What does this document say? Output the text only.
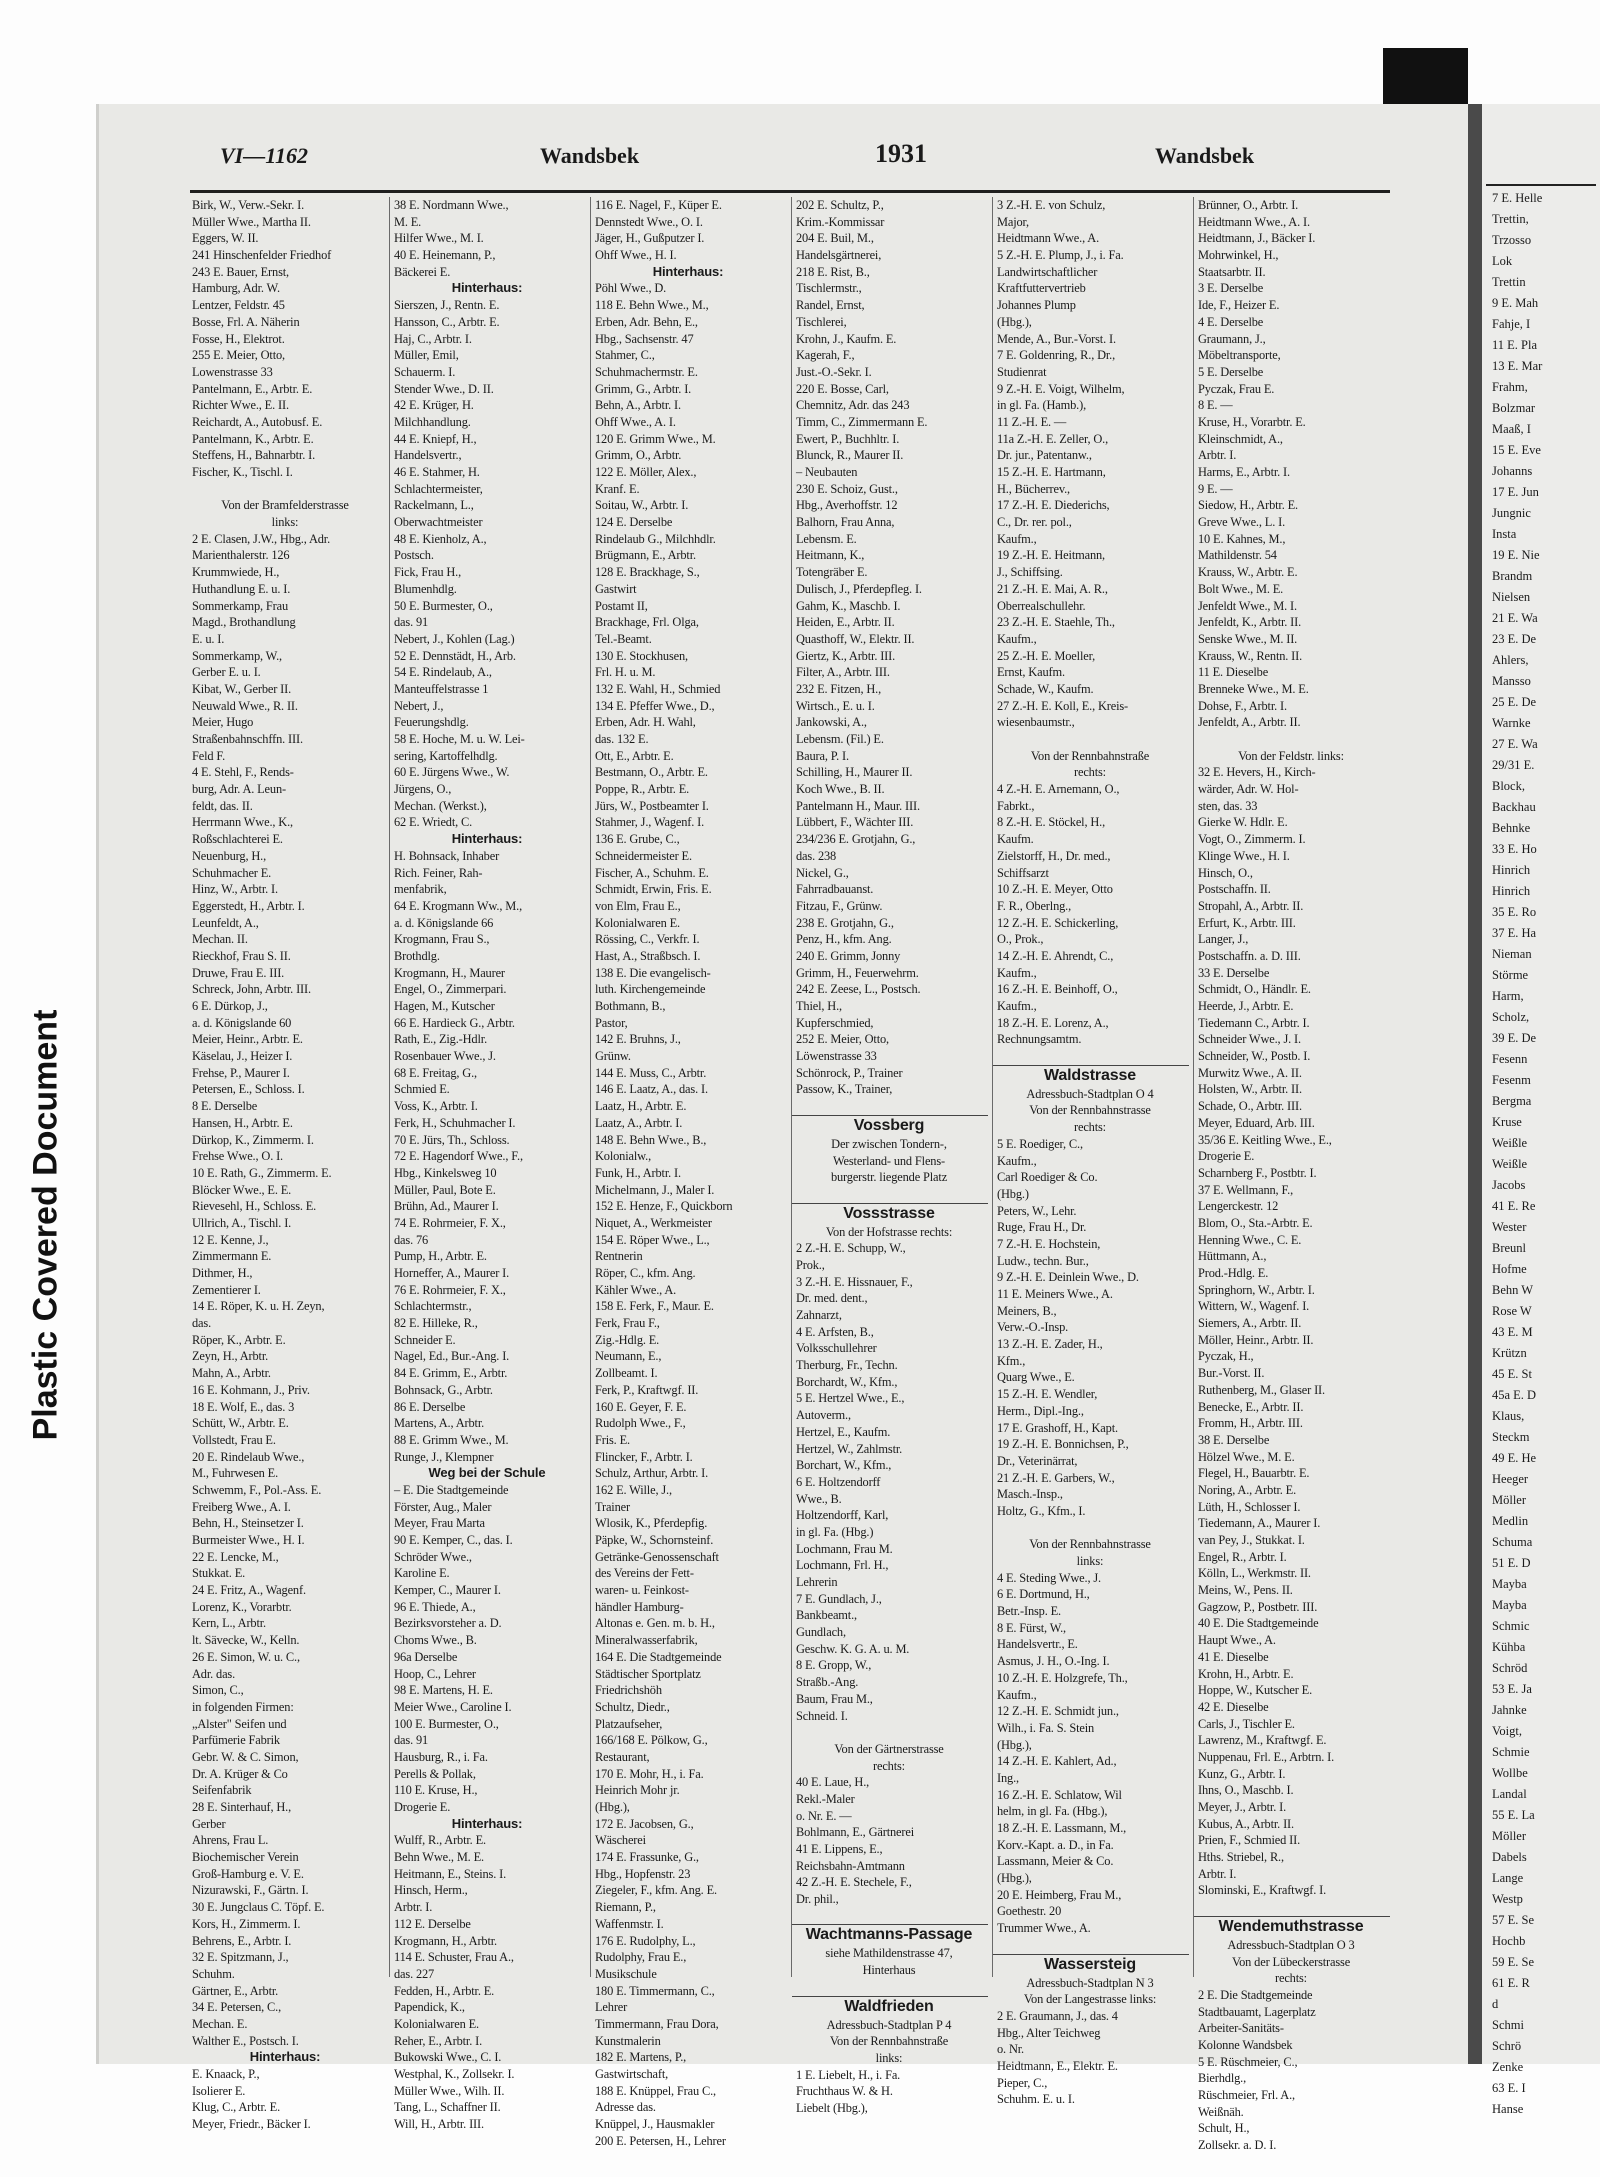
Plastic Covered Document
7 E. Helle
Trettin,
Trzosso
Lok
Trettin
9 E. Mah
Fahje, I
11 E. Pla
13 E. Mar
Frahm,
Bolzmar
Maaß, I
15 E. Eve
Johanns
17 E. Jun
Jungnic
Insta
19 E. Nie
Brandm
Nielsen
21 E. Wa
23 E. De
Ahlers,
Mansso
25 E. De
Warnke
27 E. Wa
29/31 E.
Block,
Backhau
Behnke
33 E. Ho
Hinrich
Hinrich
35 E. Ro
37 E. Ha
Nieman
Störme
Harm,
Scholz,
39 E. De
Fesenn
Fesenm
Bergma
Kruse
Weißle
Weißle
Jacobs
41 E. Re
Wester
Breunl
Hofme
Behn W
Rose W
43 E. M
Krützn
45 E. St
45a E. D
Klaus,
Steckm
49 E. He
Heeger
Möller
Medlin
Schuma
51 E. D
Mayba
Mayba
Schmic
Kühba
Schröd
53 E. Ja
Jahnke
Voigt,
Schmie
Wollbe
Landal
55 E. La
Möller
Dabels
Lange
Westp
57 E. Se
Hochb
59 E. Se
61 E. R
d
Schmi
Schrö
Zenke
63 E. I
Hanse
VI—1162	Wandsbek	1931	Wandsbek
Birk, W., Verw.-Sekr. I.
Müller Wwe., Martha II.
Eggers, W. II.
241 Hinschenfelder Friedhof
243 E. Bauer, Ernst,
Hamburg, Adr. W.
Lentzer, Feldstr. 45
Bosse, Frl. A. Näherin
Fosse, H., Elektrot.
255 E. Meier, Otto,
Lowenstrasse 33
Pantelmann, E., Arbtr. E.
Richter Wwe., E. II.
Reichardt, A., Autobusf. E.
Pantelmann, K., Arbtr. E.
Steffens, H., Bahnarbtr. I.
Fischer, K., Tischl. I.
Von der Bramfelderstrasse
links:
2 E. Clasen, J.W., Hbg., Adr.
Marienthalerstr. 126
Krummwiede, H.,
Huthandlung E. u. I.
Sommerkamp, Frau
Magd., Brothandlung
E. u. I.
Sommerkamp, W.,
Gerber E. u. I.
Kibat, W., Gerber II.
Neuwald Wwe., R. II.
Meier, Hugo
Straßenbahnschffn. III.
Feld F.
4 E. Stehl, F., Rends-
burg, Adr. A. Leun-
feldt, das. II.
Herrmann Wwe., K.,
Roßschlachterei E.
Neuenburg, H.,
Schuhmacher E.
Hinz, W., Arbtr. I.
Eggerstedt, H., Arbtr. I.
Leunfeldt, A.,
Mechan. II.
Rieckhof, Frau S. II.
Druwe, Frau E. III.
Schreck, John, Arbtr. III.
6 E. Dürkop, J.,
a. d. Königslande 60
Meier, Heinr., Arbtr. E.
Käselau, J., Heizer I.
Frehse, P., Maurer I.
Petersen, E., Schloss. I.
8 E. Derselbe
Hansen, H., Arbtr. E.
Dürkop, K., Zimmerm. I.
Frehse Wwe., O. I.
10 E. Rath, G., Zimmerm. E.
Blöcker Wwe., E. E.
Rievesehl, H., Schloss. E.
Ullrich, A., Tischl. I.
12 E. Kenne, J.,
Zimmermann E.
Dithmer, H.,
Zementierer I.
14 E. Röper, K. u. H. Zeyn,
das.
Röper, K., Arbtr. E.
Zeyn, H., Arbtr.
Mahn, A., Arbtr.
16 E. Kohmann, J., Priv.
18 E. Wolf, E., das. 3
Schütt, W., Arbtr. E.
Vollstedt, Frau E.
20 E. Rindelaub Wwe.,
M., Fuhrwesen E.
Schwemm, F., Pol.-Ass. E.
Freiberg Wwe., A. I.
Behn, H., Steinsetzer I.
Burmeister Wwe., H. I.
22 E. Lencke, M.,
Stukkat. E.
24 E. Fritz, A., Wagenf.
Lorenz, K., Vorarbtr.
Kern, L., Arbtr.
lt. Sävecke, W., Kelln.
26 E. Simon, W. u. C.,
Adr. das.
Simon, C.,
in folgenden Firmen:
„Alster" Seifen und
Parfümerie Fabrik
Gebr. W. & C. Simon,
Dr. A. Krüger & Co
Seifenfabrik
28 E. Sinterhauf, H.,
Gerber
Ahrens, Frau L.
Biochemischer Verein
Groß-Hamburg e. V. E.
Nizurawski, F., Gärtn. I.
30 E. Jungclaus C. Töpf. E.
Kors, H., Zimmerm. I.
Behrens, E., Arbtr. I.
32 E. Spitzmann, J.,
Schuhm.
Gärtner, E., Arbtr.
34 E. Petersen, C.,
Mechan. E.
Walther E., Postsch. I.
Hinterhaus:
E. Knaack, P.,
Isolierer E.
Klug, C., Arbtr. E.
Meyer, Friedr., Bäcker I.
38 E. Nordmann Wwe.,
M. E.
Hilfer Wwe., M. I.
40 E. Heinemann, P.,
Bäckerei E.
Hinterhaus:
Sierszen, J., Rentn. E.
Hansson, C., Arbtr. E.
Haj, C., Arbtr. I.
Müller, Emil,
Schauerm. I.
Stender Wwe., D. II.
42 E. Krüger, H.
Milchhandlung.
44 E. Kniepf, H.,
Handelsvertr.,
46 E. Stahmer, H.
Schlachtermeister,
Rackelmann, L.,
Oberwachtmeister
48 E. Kienholz, A.,
Postsch.
Fick, Frau H.,
Blumenhdlg.
50 E. Burmester, O.,
das. 91
Nebert, J., Kohlen (Lag.)
52 E. Dennstädt, H., Arb.
54 E. Rindelaub, A.,
Manteuffelstrasse 1
Nebert, J.,
Feuerungshdlg.
58 E. Hoche, M. u. W. Lei-
sering, Kartoffelhdlg.
60 E. Jürgens Wwe., W.
Jürgens, O.,
Mechan. (Werkst.),
62 E. Wriedt, C.
Hinterhaus:
H. Bohnsack, Inhaber
Rich. Feiner, Rah-
menfabrik,
64 E. Krogmann Ww., M.,
a. d. Königslande 66
Krogmann, Frau S.,
Brothdlg.
Krogmann, H., Maurer
Engel, O., Zimmerpari.
Hagen, M., Kutscher
66 E. Hardieck G., Arbtr.
Rath, E., Zig.-Hdlr.
Rosenbauer Wwe., J.
68 E. Freitag, G.,
Schmied E.
Voss, K., Arbtr. I.
Ferk, H., Schuhmacher I.
70 E. Jürs, Th., Schloss.
72 E. Hagendorf Wwe., F.,
Hbg., Kinkelsweg 10
Müller, Paul, Bote E.
Brühn, Ad., Maurer I.
74 E. Rohrmeier, F. X.,
das. 76
Pump, H., Arbtr. E.
Horneffer, A., Maurer I.
76 E. Rohrmeier, F. X.,
Schlachtermstr.,
82 E. Hilleke, R.,
Schneider E.
Nagel, Ed., Bur.-Ang. I.
84 E. Grimm, E., Arbtr.
Bohnsack, G., Arbtr.
86 E. Derselbe
Martens, A., Arbtr.
88 E. Grimm Wwe., M.
Runge, J., Klempner
Weg bei der Schule
– E. Die Stadtgemeinde
Förster, Aug., Maler
Meyer, Frau Marta
90 E. Kemper, C., das. I.
Schröder Wwe.,
Karoline E.
Kemper, C., Maurer I.
96 E. Thiede, A.,
Bezirksvorsteher a. D.
Choms Wwe., B.
96a Derselbe
Hoop, C., Lehrer
98 E. Martens, H. E.
Meier Wwe., Caroline I.
100 E. Burmester, O.,
das. 91
Hausburg, R., i. Fa.
Perells & Pollak,
110 E. Kruse, H.,
Drogerie E.
Hinterhaus:
Wulff, R., Arbtr. E.
Behn Wwe., M. E.
Heitmann, E., Steins. I.
Hinsch, Herm.,
Arbtr. I.
112 E. Derselbe
Krogmann, H., Arbtr.
114 E. Schuster, Frau A.,
das. 227
Fedden, H., Arbtr. E.
Papendick, K.,
Kolonialwaren E.
Reher, E., Arbtr. I.
Bukowski Wwe., C. I.
Westphal, K., Zollsekr. I.
Müller Wwe., Wilh. II.
Tang, L., Schaffner II.
Will, H., Arbtr. III.
116 E. Nagel, F., Küper E.
Dennstedt Wwe., O. I.
Jäger, H., Gußputzer I.
Ohff Wwe., H. I.
Hinterhaus:
Pöhl Wwe., D.
118 E. Behn Wwe., M.,
Erben, Adr. Behn, E.,
Hbg., Sachsenstr. 47
Stahmer, C.,
Schuhmachermstr. E.
Grimm, G., Arbtr. I.
Behn, A., Arbtr. I.
Ohff Wwe., A. I.
120 E. Grimm Wwe., M.
Grimm, O., Arbtr.
122 E. Möller, Alex.,
Kranf. E.
Soitau, W., Arbtr. I.
124 E. Derselbe
Rindelaub G., Milchhdlr.
Brügmann, E., Arbtr.
128 E. Brackhage, S.,
Gastwirt
Postamt II,
Brackhage, Frl. Olga,
Tel.-Beamt.
130 E. Stockhusen,
Frl. H. u. M.
132 E. Wahl, H., Schmied
134 E. Pfeffer Wwe., D.,
Erben, Adr. H. Wahl,
das. 132 E.
Ott, E., Arbtr. E.
Bestmann, O., Arbtr. E.
Poppe, R., Arbtr. E.
Jürs, W., Postbeamter I.
Stahmer, J., Wagenf. I.
136 E. Grube, C.,
Schneidermeister E.
Fischer, A., Schuhm. E.
Schmidt, Erwin, Fris. E.
von Elm, Frau E.,
Kolonialwaren E.
Rössing, C., Verkfr. I.
Hast, A., Straßbsch. I.
138 E. Die evangelisch-
luth. Kirchengemeinde
Bothmann, B.,
Pastor,
142 E. Bruhns, J.,
Grünw.
144 E. Muss, C., Arbtr.
146 E. Laatz, A., das. I.
Laatz, H., Arbtr. E.
Laatz, A., Arbtr. I.
148 E. Behn Wwe., B.,
Kolonialw.,
Funk, H., Arbtr. I.
Michelmann, J., Maler I.
152 E. Henze, F., Quickborn
Niquet, A., Werkmeister
154 E. Röper Wwe., L.,
Rentnerin
Röper, C., kfm. Ang.
Kähler Wwe., A.
158 E. Ferk, F., Maur. E.
Ferk, Frau F.,
Zig.-Hdlg. E.
Neumann, E.,
Zollbeamt. I.
Ferk, P., Kraftwgf. II.
160 E. Geyer, F. E.
Rudolph Wwe., F.,
Fris. E.
Flincker, F., Arbtr. I.
Schulz, Arthur, Arbtr. I.
162 E. Wille, J.,
Trainer
Wlosik, K., Pferdepfig.
Päpke, W., Schornsteinf.
Getränke-Genossenschaft
des Vereins der Fett-
waren- u. Feinkost-
händler Hamburg-
Altonas e. Gen. m. b. H.,
Mineralwasserfabrik,
164 E. Die Stadtgemeinde
Städtischer Sportplatz
Friedrichshöh
Schultz, Diedr.,
Platzaufseher,
166/168 E. Pölkow, G.,
Restaurant,
170 E. Mohr, H., i. Fa.
Heinrich Mohr jr.
(Hbg.),
172 E. Jacobsen, G.,
Wäscherei
174 E. Frassunke, G.,
Hbg., Hopfenstr. 23
Ziegeler, F., kfm. Ang. E.
Riemann, P.,
Waffenmstr. I.
176 E. Rudolphy, L.,
Rudolphy, Frau E.,
Musikschule
180 E. Timmermann, C.,
Lehrer
Timmermann, Frau Dora,
Kunstmalerin
182 E. Martens, P.,
Gastwirtschaft,
188 E. Knüppel, Frau C.,
Adresse das.
Knüppel, J., Hausmakler
200 E. Petersen, H., Lehrer
202 E. Schultz, P.,
Krim.-Kommissar
204 E. Buil, M.,
Handelsgärtnerei,
218 E. Rist, B.,
Tischlermstr.,
Randel, Ernst,
Tischlerei,
Krohn, J., Kaufm. E.
Kagerah, F.,
Just.-O.-Sekr. I.
220 E. Bosse, Carl,
Chemnitz, Adr. das 243
Timm, C., Zimmermann E.
Ewert, P., Buchhltr. I.
Blunck, R., Maurer II.
– Neubauten
230 E. Schoiz, Gust.,
Hbg., Averhoffstr. 12
Balhorn, Frau Anna,
Lebensm. E.
Heitmann, K.,
Totengräber E.
Dulisch, J., Pferdepfleg. I.
Gahm, K., Maschb. I.
Heiden, E., Arbtr. II.
Quasthoff, W., Elektr. II.
Giertz, K., Arbtr. III.
Filter, A., Arbtr. III.
232 E. Fitzen, H.,
Wirtsch., E. u. I.
Jankowski, A.,
Lebensm. (Fil.) E.
Baura, P. I.
Schilling, H., Maurer II.
Koch Wwe., B. II.
Pantelmann H., Maur. III.
Lübbert, F., Wächter III.
234/236 E. Grotjahn, G.,
das. 238
Nickel, G.,
Fahrradbauanst.
Fitzau, F., Grünw.
238 E. Grotjahn, G.,
Penz, H., kfm. Ang.
240 E. Grimm, Jonny
Grimm, H., Feuerwehrm.
242 E. Zeese, L., Postsch.
Thiel, H.,
Kupferschmied,
252 E. Meier, Otto,
Löwenstrasse 33
Schönrock, P., Trainer
Passow, K., Trainer,
Vossberg
Der zwischen Tondern-,
Westerland- und Flens-
burgerstr. liegende Platz
Vossstrasse
Von der Hofstrasse rechts:
2 Z.-H. E. Schupp, W.,
Prok.,
3 Z.-H. E. Hissnauer, F.,
Dr. med. dent.,
Zahnarzt,
4 E. Arfsten, B.,
Volksschullehrer
Therburg, Fr., Techn.
Borchardt, W., Kfm.,
5 E. Hertzel Wwe., E.,
Autoverm.,
Hertzel, E., Kaufm.
Hertzel, W., Zahlmstr.
Borchart, W., Kfm.,
6 E. Holtzendorff
Wwe., B.
Holtzendorff, Karl,
in gl. Fa. (Hbg.)
Lochmann, Frau M.
Lochmann, Frl. H.,
Lehrerin
7 E. Gundlach, J.,
Bankbeamt.,
Gundlach,
Geschw. K. G. A. u. M.
8 E. Gropp, W.,
Straßb.-Ang.
Baum, Frau M.,
Schneid. I.
Von der Gärtnerstrasse
rechts:
40 E. Laue, H.,
Rekl.-Maler
o. Nr. E. —
Bohlmann, E., Gärtnerei
41 E. Lippens, E.,
Reichsbahn-Amtmann
42 Z.-H. E. Stechele, F.,
Dr. phil.,
Wachtmanns-Passage
siehe Mathildenstrasse 47,
Hinterhaus
Waldfrieden
Adressbuch-Stadtplan P 4
Von der Rennbahnstraße
links:
1 E. Liebelt, H., i. Fa.
Fruchthaus W. & H.
Liebelt (Hbg.),
3 Z.-H. E. von Schulz,
Major,
Heidtmann Wwe., A.
5 Z.-H. E. Plump, J., i. Fa.
Landwirtschaftlicher
Kraftfuttervertrieb
Johannes Plump
(Hbg.),
Mende, A., Bur.-Vorst. I.
7 E. Goldenring, R., Dr.,
Studienrat
9 Z.-H. E. Voigt, Wilhelm,
in gl. Fa. (Hamb.),
11 Z.-H. E. —
11a Z.-H. E. Zeller, O.,
Dr. jur., Patentanw.,
15 Z.-H. E. Hartmann,
H., Bücherrev.,
17 Z.-H. E. Diederichs,
C., Dr. rer. pol.,
Kaufm.,
19 Z.-H. E. Heitmann,
J., Schiffsing.
21 Z.-H. E. Mai, A. R.,
Oberrealschullehr.
23 Z.-H. E. Staehle, Th.,
Kaufm.,
25 Z.-H. E. Moeller,
Ernst, Kaufm.
Schade, W., Kaufm.
27 Z.-H. E. Koll, E., Kreis-
wiesenbaumstr.,
Von der Rennbahnstraße
rechts:
4 Z.-H. E. Arnemann, O.,
Fabrkt.,
8 Z.-H. E. Stöckel, H.,
Kaufm.
Zielstorff, H., Dr. med.,
Schiffsarzt
10 Z.-H. E. Meyer, Otto
F. R., Oberlng.,
12 Z.-H. E. Schickerling,
O., Prok.,
14 Z.-H. E. Ahrendt, C.,
Kaufm.,
16 Z.-H. E. Beinhoff, O.,
Kaufm.,
18 Z.-H. E. Lorenz, A.,
Rechnungsamtm.
Waldstrasse
Adressbuch-Stadtplan O 4
Von der Rennbahnstrasse
rechts:
5 E. Roediger, C.,
Kaufm.,
Carl Roediger & Co.
(Hbg.)
Peters, W., Lehr.
Ruge, Frau H., Dr.
7 Z.-H. E. Hochstein,
Ludw., techn. Bur.,
9 Z.-H. E. Deinlein Wwe., D.
11 E. Meiners Wwe., A.
Meiners, B.,
Verw.-O.-Insp.
13 Z.-H. E. Zader, H.,
Kfm.,
Quarg Wwe., E.
15 Z.-H. E. Wendler,
Herm., Dipl.-Ing.,
17 E. Grashoff, H., Kapt.
19 Z.-H. E. Bonnichsen, P.,
Dr., Veterinärrat,
21 Z.-H. E. Garbers, W.,
Masch.-Insp.,
Holtz, G., Kfm., I.
Von der Rennbahnstrasse
links:
4 E. Steding Wwe., J.
6 E. Dortmund, H.,
Betr.-Insp. E.
8 E. Fürst, W.,
Handelsvertr., E.
Asmus, J. H., O.-Ing. I.
10 Z.-H. E. Holzgrefe, Th.,
Kaufm.,
12 Z.-H. E. Schmidt jun.,
Wilh., i. Fa. S. Stein
(Hbg.),
14 Z.-H. E. Kahlert, Ad.,
Ing.,
16 Z.-H. E. Schlatow, Wil
helm, in gl. Fa. (Hbg.),
18 Z.-H. E. Lassmann, M.,
Korv.-Kapt. a. D., in Fa.
Lassmann, Meier & Co.
(Hbg.),
20 E. Heimberg, Frau M.,
Goethestr. 20
Trummer Wwe., A.
Wassersteig
Adressbuch-Stadtplan N 3
Von der Langestrasse links:
2 E. Graumann, J., das. 4
Hbg., Alter Teichweg
o. Nr.
Heidtmann, E., Elektr. E.
Pieper, C.,
Schuhm. E. u. I.
Brünner, O., Arbtr. I.
Heidtmann Wwe., A. I.
Heidtmann, J., Bäcker I.
Mohrwinkel, H.,
Staatsarbtr. II.
3 E. Derselbe
Ide, F., Heizer E.
4 E. Derselbe
Graumann, J.,
Möbeltransporte,
5 E. Derselbe
Pyczak, Frau E.
8 E. —
Kruse, H., Vorarbtr. E.
Kleinschmidt, A.,
Arbtr. I.
Harms, E., Arbtr. I.
9 E. —
Siedow, H., Arbtr. E.
Greve Wwe., L. I.
10 E. Kahnes, M.,
Mathildenstr. 54
Krauss, W., Arbtr. E.
Bolt Wwe., M. E.
Jenfeldt Wwe., M. I.
Jenfeldt, K., Arbtr. II.
Senske Wwe., M. II.
Krauss, W., Rentn. II.
11 E. Dieselbe
Brenneke Wwe., M. E.
Dohse, F., Arbtr. I.
Jenfeldt, A., Arbtr. II.
Von der Feldstr. links:
32 E. Hevers, H., Kirch-
wärder, Adr. W. Hol-
sten, das. 33
Gierke W. Hdlr. E.
Vogt, O., Zimmerm. I.
Klinge Wwe., H. I.
Hinsch, O.,
Postschaffn. II.
Stropahl, A., Arbtr. II.
Erfurt, K., Arbtr. III.
Langer, J.,
Postschaffn. a. D. III.
33 E. Derselbe
Schmidt, O., Händlr. E.
Heerde, J., Arbtr. E.
Tiedemann C., Arbtr. I.
Schneider Wwe., J. I.
Schneider, W., Postb. I.
Murwitz Wwe., A. II.
Holsten, W., Arbtr. II.
Schade, O., Arbtr. III.
Meyer, Eduard, Arb. III.
35/36 E. Keitling Wwe., E.,
Drogerie E.
Scharnberg F., Postbtr. I.
37 E. Wellmann, F.,
Lengerckestr. 12
Blom, O., Sta.-Arbtr. E.
Henning Wwe., C. E.
Hüttmann, A.,
Prod.-Hdlg. E.
Springhorn, W., Arbtr. I.
Wittern, W., Wagenf. I.
Siemers, A., Arbtr. II.
Möller, Heinr., Arbtr. II.
Pyczak, H.,
Bur.-Vorst. II.
Ruthenberg, M., Glaser II.
Benecke, E., Arbtr. II.
Fromm, H., Arbtr. III.
38 E. Derselbe
Hölzel Wwe., M. E.
Flegel, H., Bauarbtr. E.
Noring, A., Arbtr. E.
Lüth, H., Schlosser I.
Tiedemann, A., Maurer I.
van Pey, J., Stukkat. I.
Engel, R., Arbtr. I.
Kölln, L., Werkmstr. II.
Meins, W., Pens. II.
Gagzow, P., Postbetr. III.
40 E. Die Stadtgemeinde
Haupt Wwe., A.
41 E. Dieselbe
Krohn, H., Arbtr. E.
Hoppe, W., Kutscher E.
42 E. Dieselbe
Carls, J., Tischler E.
Lawrenz, M., Kraftwgf. E.
Nuppenau, Frl. E., Arbtrn. I.
Kunz, G., Arbtr. I.
Ihns, O., Maschb. I.
Meyer, J., Arbtr. I.
Kubus, A., Arbtr. II.
Prien, F., Schmied II.
Hths. Striebel, R.,
Arbtr. I.
Slominski, E., Kraftwgf. I.
Wendemuthstrasse
Adressbuch-Stadtplan O 3
Von der Lübeckerstrasse
rechts:
2 E. Die Stadtgemeinde
Stadtbauamt, Lagerplatz
Arbeiter-Sanitäts-
Kolonne Wandsbek
5 E. Rüschmeier, C.,
Bierhdlg.,
Rüschmeier, Frl. A.,
Weißnäh.
Schult, H.,
Zollsekr. a. D. I.
